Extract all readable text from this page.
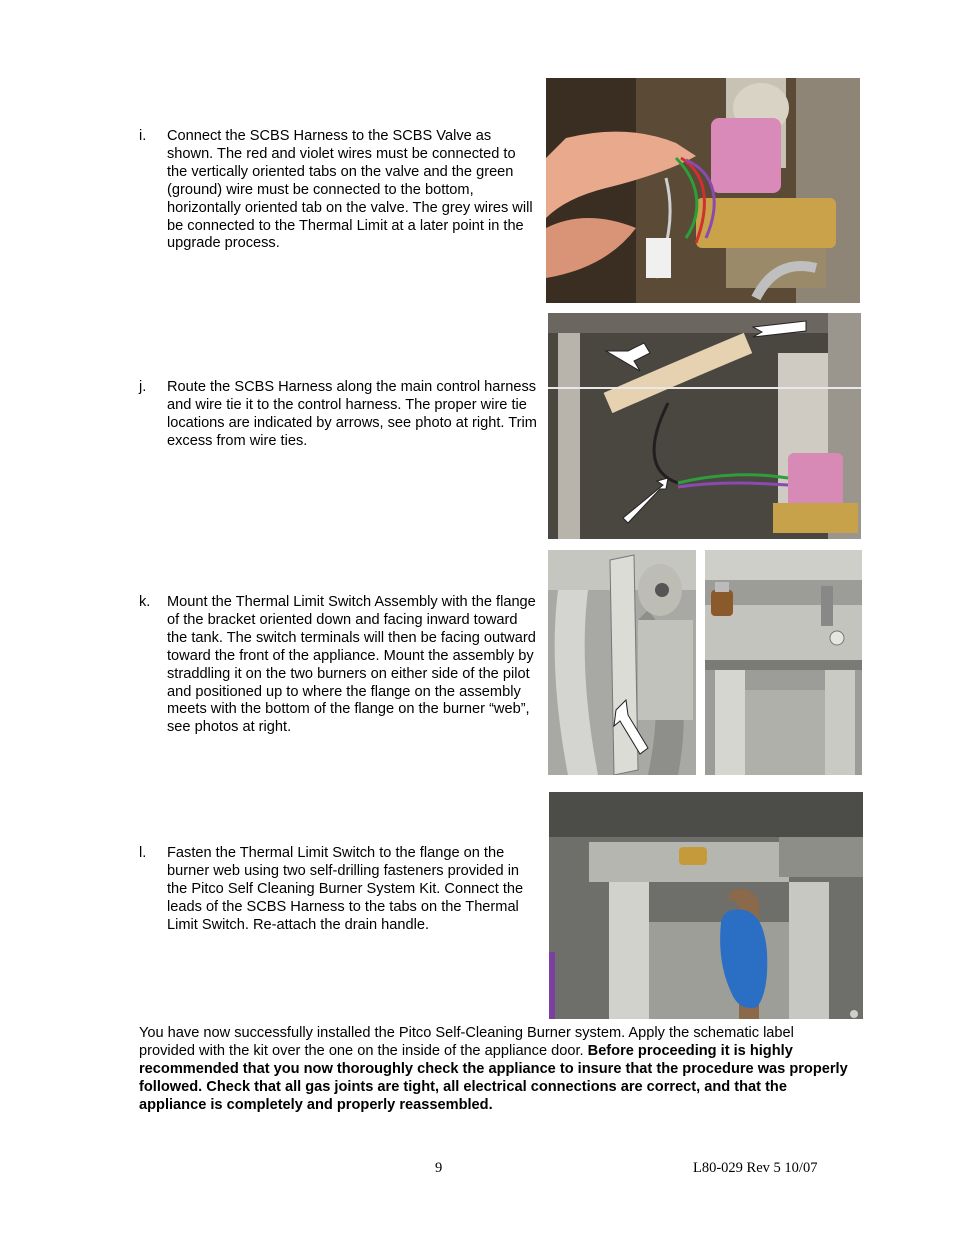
i. Connect the SCBS Harness to the SCBS Valve as shown. The red and violet wires must be connected to the vertically oriented tabs on the valve and the green (ground) wire must be connected to the bottom, horizontally oriented tab on the valve. The grey wires will be connected to the Thermal Limit at a later point in the upgrade process.
j. Route the SCBS Harness along the main control harness and wire tie it to the control harness. The proper wire tie locations are indicated by arrows, see photo at right. Trim excess from wire ties.
k. Mount the Thermal Limit Switch Assembly with the flange of the bracket oriented down and facing inward toward the tank. The switch terminals will then be facing outward toward the front of the appliance. Mount the assembly by straddling it on the two burners on either side of the pilot and positioned up to where the flange on the assembly meets with the bottom of the flange on the burner “web”, see photos at right.
l. Fasten the Thermal Limit Switch to the flange on the burner web using two self-drilling fasteners provided in the Pitco Self Cleaning Burner System Kit. Connect the leads of the SCBS Harness to the tabs on the Thermal Limit Switch. Re-attach the drain handle.
You have now successfully installed the Pitco Self-Cleaning Burner system. Apply the schematic label provided with the kit over the one on the inside of the appliance door. Before proceeding it is highly recommended that you now thoroughly check the appliance to insure that the procedure was properly followed. Check that all gas joints are tight, all electrical connections are correct, and that the appliance is completely and properly reassembled.
9	L80-029 Rev 5 10/07
